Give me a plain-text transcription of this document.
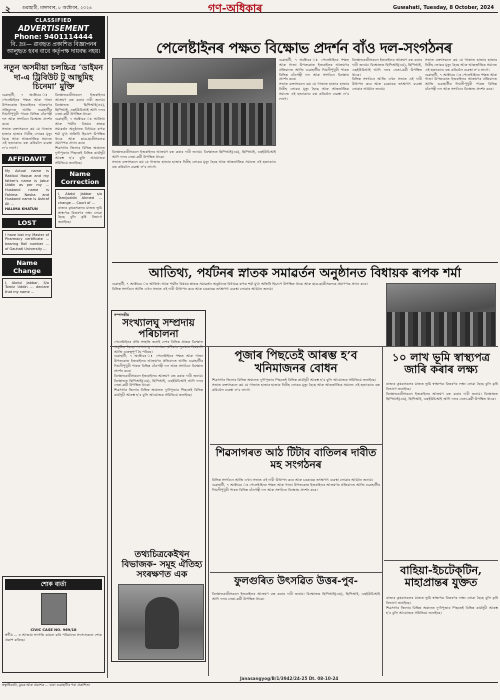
২ গুৱাহাটী, মঙ্গলবাৰ, ৮ অক্টোবৰ, ২০২৪	গণ-অধিকাৰ	Guwahati, Tuesday, 8 October, 2024
CLASSIFIED
ADVERTISEMENT
Phone: 9401114444
বি. দ্ৰঃ— ৱাবহৃত প্ৰকাশিত বিজ্ঞাপনৰ আলুহৃত হবৰ বাবে কৰ্তৃপক্ষ দায়বদ্ধ নহয়।
নতুন অসমীয়া চলচ্চিত্ৰ ‘ডাইমন দা-এ ট্ৰিবিউট টু আছুমিহ চিনেমা’ মুক্তি
গুৱাহাটী, ৭ অক্টোবৰ ঃ পেলেষ্টাইনৰ পক্ষত আৰু গাজা উপত্যকাত ইজৰাইলৰ আক্ৰমণৰ প্ৰতিবাদত আজি গুৱাহাটীৰ দিঘলীপুখুৰী পাৰত বিভিন্ন বাঁওপন্থী দল আৰু সংগঠনে বিক্ষোভ প্ৰদৰ্শন কৰে।
সভাত বক্তাসকলে কয় যে গাজাত হাজাৰ হাজাৰ নিৰীহ লোকৰ মৃত্যু হৈছে আৰু আন্তৰ্জাতিক সমাজে এই হত্যাকাণ্ড বন্ধ কৰিবলৈ ব্যৱস্থা ল’ব লাগে।
AFFIDAVIT
My Actual name is Rakibul Hoque and my father's name is Jabur Uddin as per my ... Husband name is Fahima Nesha and Husband name is Ashraf Ali ...
HALIMA KHATUN
LOST
I have lost my Master of Pharmacy certificate ... bearing Roll number ... of Gauhati University ...
Name Change
I, Abdul Jabbar, S/o Tomiz Uddin ... declare that my name ...
বিক্ষোভকাৰীসকলে ইজৰাইলৰ আক্ৰমণ বন্ধ কৰাৰ দাবী জনায়। বিক্ষোভত ছিপিআই(এম), ছিপিআই, এছইউচিআই আদি দলৰ নেতা-কৰ্মী উপস্থিত থাকে।
গুৱাহাটী, ৭ অক্টোবৰ ঃ আতিথ্য আৰু পৰ্যটন বিষয়ৰ স্নাতক সমাৱৰ্তন অনুষ্ঠানত বিধায়ক ৰূপক শৰ্মা মুখ্য অতিথি হিচাপে উপস্থিত থাকে আৰু ছাত্ৰ-ছাত্ৰীসকলক প্ৰমাণপত্ৰ প্ৰদান কৰে।
শিৱসাগৰ জিলাৰ বিভিন্ন অঞ্চলত দুৰ্গাপূজাৰ পিছতেই বিভিন্ন কাৰ্যসূচী আৰম্ভ হ’ব বুলি আয়োজক সমিতিয়ে জনাইছে।
Name Correction
I, Abdul Jabbar s/o Tamijuddin Ahmed ... change ... Court of ...
ৰাজ্যৰ কৃষকসকলৰ মাজত ভূমি স্বাস্থ্যপত্ৰ বিতৰণৰ লক্ষ্য লোৱা হৈছে বুলি কৃষি বিভাগে জনাইছে।
শোক বাৰ্তা
CIVIC CASE NO. 969/18
স্বৰ্গীয় ... ৰ আত্মাৰ সদগতি কামনা কৰি পৰিয়ালৰ সদস্যসকলে শোক প্ৰকাশ কৰিছে।
পেলেষ্টাইনৰ পক্ষত বিক্ষোভ প্ৰদৰ্শন বাঁও দল-সংগঠনৰ
গুৱাহাটী, ৭ অক্টোবৰ ঃ পেলেষ্টাইনৰ পক্ষত আৰু গাজা উপত্যকাত ইজৰাইলৰ আক্ৰমণৰ প্ৰতিবাদত আজি গুৱাহাটীৰ দিঘলীপুখুৰী পাৰত বিভিন্ন বাঁওপন্থী দল আৰু সংগঠনে বিক্ষোভ প্ৰদৰ্শন কৰে।
সভাত বক্তাসকলে কয় যে গাজাত হাজাৰ হাজাৰ নিৰীহ লোকৰ মৃত্যু হৈছে আৰু আন্তৰ্জাতিক সমাজে এই হত্যাকাণ্ড বন্ধ কৰিবলৈ ব্যৱস্থা ল’ব লাগে।
বিক্ষোভকাৰীসকলে ইজৰাইলৰ আক্ৰমণ বন্ধ কৰাৰ দাবী জনায়। বিক্ষোভত ছিপিআই(এম), ছিপিআই, এছইউচিআই আদি দলৰ নেতা-কৰ্মী উপস্থিত থাকে।
বিভিন্ন সংগঠনে আজি এখন সভাত এই দাবী উত্থাপন কৰে আৰু চৰকাৰক তৎক্ষণাৎ ব্যৱস্থা লোৱাৰ আহ্বান জনায়।
সভাত বক্তাসকলে কয় যে গাজাত হাজাৰ হাজাৰ নিৰীহ লোকৰ মৃত্যু হৈছে আৰু আন্তৰ্জাতিক সমাজে এই হত্যাকাণ্ড বন্ধ কৰিবলৈ ব্যৱস্থা ল’ব লাগে।
গুৱাহাটী, ৭ অক্টোবৰ ঃ পেলেষ্টাইনৰ পক্ষত আৰু গাজা উপত্যকাত ইজৰাইলৰ আক্ৰমণৰ প্ৰতিবাদত আজি গুৱাহাটীৰ দিঘলীপুখুৰী পাৰত বিভিন্ন বাঁওপন্থী দল আৰু সংগঠনে বিক্ষোভ প্ৰদৰ্শন কৰে।
বিক্ষোভকাৰীসকলে ইজৰাইলৰ আক্ৰমণ বন্ধ কৰাৰ দাবী জনায়। বিক্ষোভত ছিপিআই(এম), ছিপিআই, এছইউচিআই আদি দলৰ নেতা-কৰ্মী উপস্থিত থাকে।
সভাত বক্তাসকলে কয় যে গাজাত হাজাৰ হাজাৰ নিৰীহ লোকৰ মৃত্যু হৈছে আৰু আন্তৰ্জাতিক সমাজে এই হত্যাকাণ্ড বন্ধ কৰিবলৈ ব্যৱস্থা ল’ব লাগে।
আতিথ্য, পৰ্যটনৰ স্নাতক সমাৱৰ্তন অনুষ্ঠানত বিধায়ক ৰূপক শৰ্মা
গুৱাহাটী, ৭ অক্টোবৰ ঃ আতিথ্য আৰু পৰ্যটন বিষয়ৰ স্নাতক সমাৱৰ্তন অনুষ্ঠানত বিধায়ক ৰূপক শৰ্মা মুখ্য অতিথি হিচাপে উপস্থিত থাকে আৰু ছাত্ৰ-ছাত্ৰীসকলক প্ৰমাণপত্ৰ প্ৰদান কৰে।
বিভিন্ন সংগঠনে আজি এখন সভাত এই দাবী উত্থাপন কৰে আৰু চৰকাৰক তৎক্ষণাৎ ব্যৱস্থা লোৱাৰ আহ্বান জনায়।
সম্পাদকীয়
সংখ্যালঘু সম্প্ৰদায় পৰিচালনা
পেলেষ্টাইনৰ প্ৰতি সংহতি জনাই দেশৰ বিভিন্ন প্ৰান্তত বিক্ষোভ আজি গুৰুত্বপূৰ্ণ হৈ পৰিছে।
গুৱাহাটী, ৭ অক্টোবৰ ঃ পেলেষ্টাইনৰ পক্ষত আৰু গাজা উপত্যকাত ইজৰাইলৰ আক্ৰমণৰ প্ৰতিবাদত আজি গুৱাহাটীৰ দিঘলীপুখুৰী পাৰত বিভিন্ন বাঁওপন্থী দল আৰু সংগঠনে বিক্ষোভ প্ৰদৰ্শন কৰে।
বিক্ষোভকাৰীসকলে ইজৰাইলৰ আক্ৰমণ বন্ধ কৰাৰ দাবী জনায়। বিক্ষোভত ছিপিআই(এম), ছিপিআই, এছইউচিআই আদি দলৰ নেতা-কৰ্মী উপস্থিত থাকে।
শিৱসাগৰ জিলাৰ বিভিন্ন অঞ্চলত দুৰ্গাপূজাৰ পিছতেই বিভিন্ন কাৰ্যসূচী আৰম্ভ হ’ব বুলি আয়োজক সমিতিয়ে জনাইছে।
তথ্যচিত্ৰকেইখন বিভাজক- সমূহ ঐতিহ্য সংৰক্ষণত এক
পূজাৰ পিছতেই আৰম্ভ হ’ব খনিমাজনৰ বোধন
শিৱসাগৰ জিলাৰ বিভিন্ন অঞ্চলত দুৰ্গাপূজাৰ পিছতেই বিভিন্ন কাৰ্যসূচী আৰম্ভ হ’ব বুলি আয়োজক সমিতিয়ে জনাইছে।
সভাত বক্তাসকলে কয় যে গাজাত হাজাৰ হাজাৰ নিৰীহ লোকৰ মৃত্যু হৈছে আৰু আন্তৰ্জাতিক সমাজে এই হত্যাকাণ্ড বন্ধ কৰিবলৈ ব্যৱস্থা ল’ব লাগে।
১০ লাখ ভূমি স্বাস্থ্যপত্ৰ জাৰি কৰাৰ লক্ষ্য
ৰাজ্যৰ কৃষকসকলৰ মাজত ভূমি স্বাস্থ্যপত্ৰ বিতৰণৰ লক্ষ্য লোৱা হৈছে বুলি কৃষি বিভাগে জনাইছে।
বিক্ষোভকাৰীসকলে ইজৰাইলৰ আক্ৰমণ বন্ধ কৰাৰ দাবী জনায়। বিক্ষোভত ছিপিআই(এম), ছিপিআই, এছইউচিআই আদি দলৰ নেতা-কৰ্মী উপস্থিত থাকে।
শিৱসাগৰত আঠ টিটাব বাতিলৰ দাবীত মহ সংগঠনৰ
বিভিন্ন সংগঠনে আজি এখন সভাত এই দাবী উত্থাপন কৰে আৰু চৰকাৰক তৎক্ষণাৎ ব্যৱস্থা লোৱাৰ আহ্বান জনায়।
গুৱাহাটী, ৭ অক্টোবৰ ঃ পেলেষ্টাইনৰ পক্ষত আৰু গাজা উপত্যকাত ইজৰাইলৰ আক্ৰমণৰ প্ৰতিবাদত আজি গুৱাহাটীৰ দিঘলীপুখুৰী পাৰত বিভিন্ন বাঁওপন্থী দল আৰু সংগঠনে বিক্ষোভ প্ৰদৰ্শন কৰে।
ফুলগুৰিত উৎসৱিত উত্তৰ-পুব-
বিক্ষোভকাৰীসকলে ইজৰাইলৰ আক্ৰমণ বন্ধ কৰাৰ দাবী জনায়। বিক্ষোভত ছিপিআই(এম), ছিপিআই, এছইউচিআই আদি দলৰ নেতা-কৰ্মী উপস্থিত থাকে।
বাহিয়া-ইচটেক্‌টিন, মাহাপ্ৰান্তৰ যুক্তত
ৰাজ্যৰ কৃষকসকলৰ মাজত ভূমি স্বাস্থ্যপত্ৰ বিতৰণৰ লক্ষ্য লোৱা হৈছে বুলি কৃষি বিভাগে জনাইছে।
শিৱসাগৰ জিলাৰ বিভিন্ন অঞ্চলত দুৰ্গাপূজাৰ পিছতেই বিভিন্ন কাৰ্যসূচী আৰম্ভ হ’ব বুলি আয়োজক সমিতিয়ে জনাইছে।
Janasangyog/B/1/3942/24-25 Dt. 08-10-24
স্বত্বাধিকাৰী, মুদ্ৰক আৰু প্ৰকাশক ... দ্বাৰা গুৱাহাটীৰ পৰা প্ৰকাশিত।
